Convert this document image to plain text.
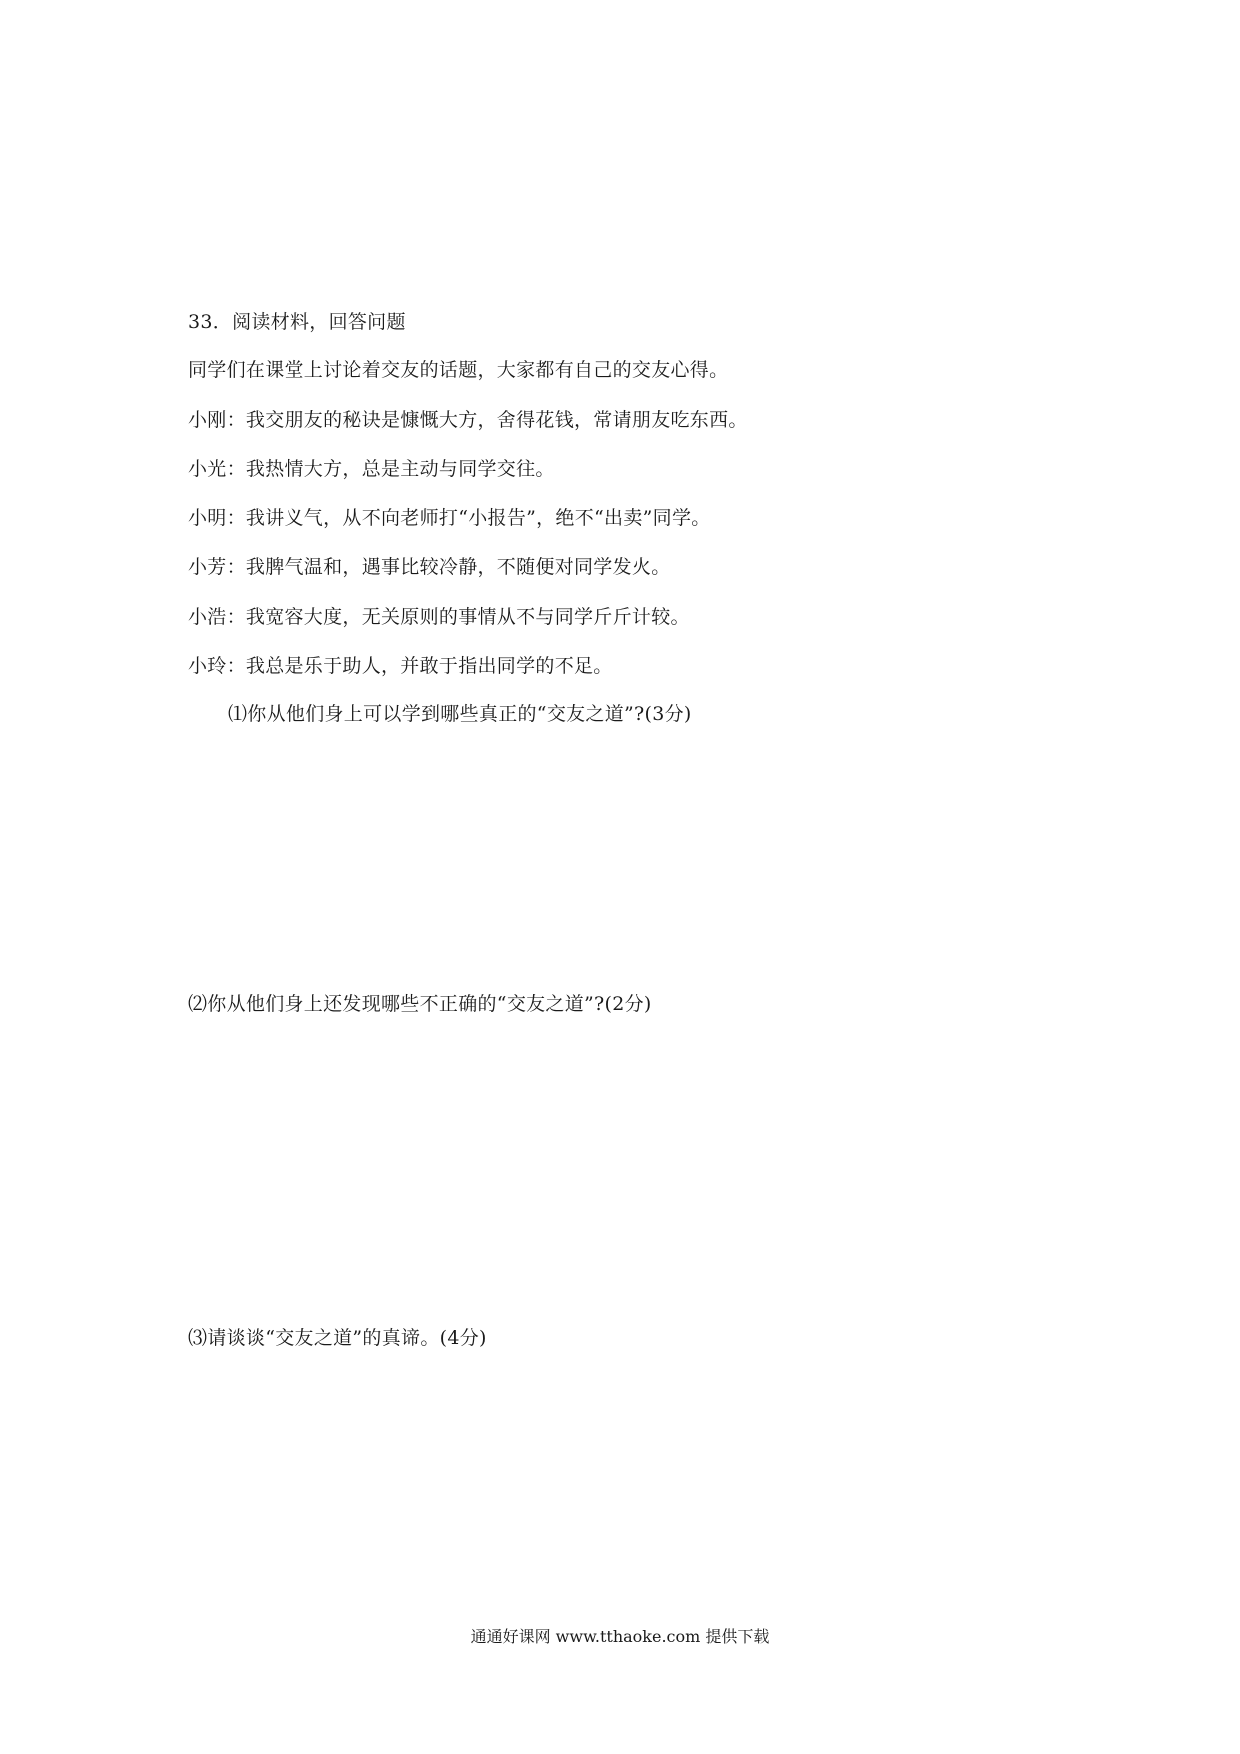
33．阅读材料，回答问题
同学们在课堂上讨论着交友的话题，大家都有自己的交友心得。
小刚：我交朋友的秘诀是慷慨大方，舍得花钱，常请朋友吃东西。
小光：我热情大方，总是主动与同学交往。
小明：我讲义气，从不向老师打“小报告”，绝不“出卖”同学。
小芳：我脾气温和，遇事比较冷静，不随便对同学发火。
小浩：我宽容大度，无关原则的事情从不与同学斤斤计较。
小玲：我总是乐于助人，并敢于指出同学的不足。
⑴你从他们身上可以学到哪些真正的“交友之道”?(3分)
⑵你从他们身上还发现哪些不正确的“交友之道”?(2分)
⑶请谈谈“交友之道”的真谛。(4分)
通通好课网 www.tthaoke.com 提供下载
